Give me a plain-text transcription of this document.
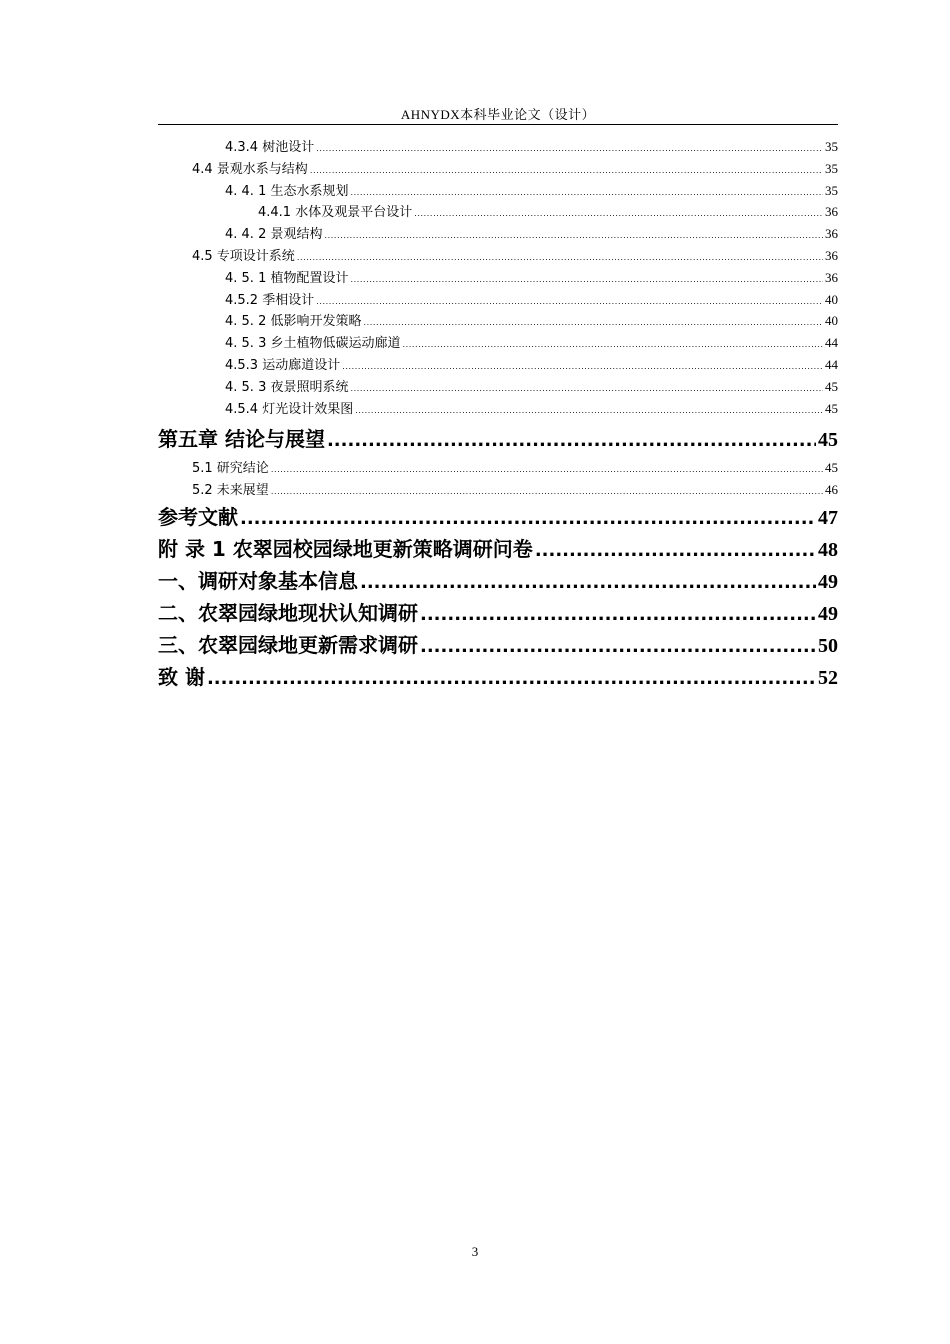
AHNYDX本科毕业论文（设计）
4.3.4 树池设计 .....	35
4.4 景观水系与结构 .....	35
4. 4. 1 生态水系规划 .....	35
4.4.1 水体及观景平台设计 .....	36
4. 4. 2 景观结构 .....	36
4.5 专项设计系统 .....	36
4. 5. 1 植物配置设计 .....	36
4.5.2 季相设计 .....	40
4. 5. 2 低影响开发策略 .....	40
4. 5. 3 乡土植物低碳运动廊道 .....	44
4.5.3 运动廊道设计 .....	44
4. 5. 3 夜景照明系统 .....	45
4.5.4 灯光设计效果图 .....	45
第五章 结论与展望 .....	45
5.1 研究结论 .....	45
5.2 未来展望 .....	46
参考文献 .....	47
附 录 1 农翠园校园绿地更新策略调研问卷 .....	48
一、调研对象基本信息 .....	49
二、农翠园绿地现状认知调研 .....	49
三、农翠园绿地更新需求调研 .....	50
致 谢 .....	52
3
